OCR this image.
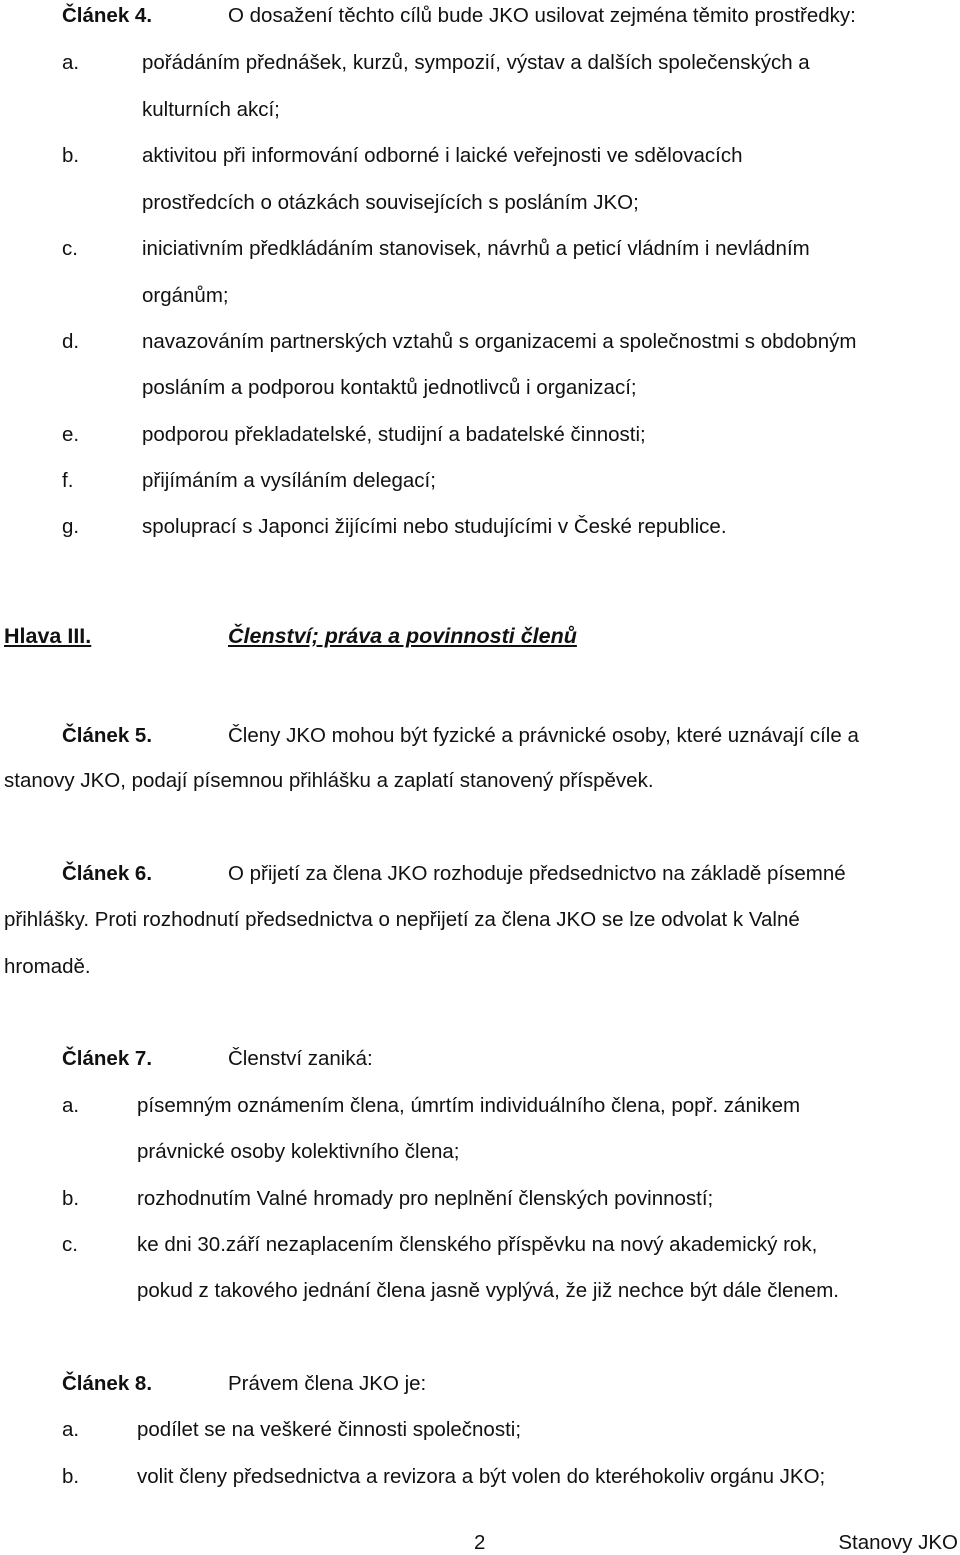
Článek 4.	O dosažení těchto cílů bude JKO usilovat zejména těmito prostředky:
a.	pořádáním přednášek, kurzů, sympozií, výstav a dalších společenských a
kulturních akcí;
b.	aktivitou při informování odborné i laické veřejnosti ve sdělovacích
prostředcích o otázkách souvisejících s posláním JKO;
c.	iniciativním předkládáním stanovisek, návrhů a peticí vládním i nevládním
orgánům;
d.	navazováním partnerských vztahů s organizacemi a společnostmi s obdobným
posláním a podporou kontaktů jednotlivců i organizací;
e.	podporou překladatelské, studijní a badatelské činnosti;
f.	přijímáním a vysíláním delegací;
g.	spoluprací s Japonci žijícími nebo studujícími v České republice.
Hlava III.	Členství; práva a povinnosti členů
Článek 5.	Členy JKO mohou být fyzické a právnické osoby, které uznávají cíle a
stanovy JKO, podají písemnou přihlášku a zaplatí stanovený příspěvek.
Článek 6.	O přijetí za člena JKO rozhoduje předsednictvo na základě písemné
přihlášky. Proti rozhodnutí předsednictva o nepřijetí za člena JKO se lze odvolat k Valné
hromadě.
Článek 7.	Členství zaniká:
a.	písemným oznámením člena, úmrtím individuálního člena, popř. zánikem
právnické osoby kolektivního člena;
b.	rozhodnutím Valné hromady pro neplnění členských povinností;
c.	ke dni 30.září nezaplacením členského příspěvku na nový akademický rok,
pokud z takového jednání člena jasně vyplývá, že již nechce být dále členem.
Článek 8.	Právem člena JKO je:
a.	podílet se na veškeré činnosti společnosti;
b.	volit členy předsednictva a revizora a být volen do kteréhokoliv orgánu JKO;
2	Stanovy JKO
